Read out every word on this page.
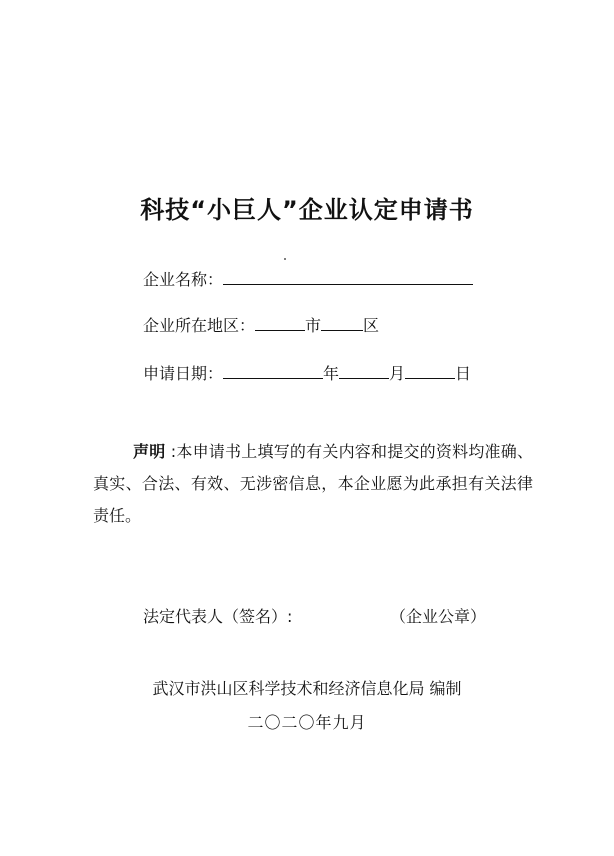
科技“小巨人”企业认定申请书
企业名称：
企业所在地区：	市	区
申请日期：	年	月	日
声明 :本申请书上填写的有关内容和提交的资料均准确、真实、合法、有效、无涉密信息，本企业愿为此承担有关法律责任。
法定代表人（签名）:	（企业公章）
武汉市洪山区科学技术和经济信息化局 编制
二〇二〇年九月
